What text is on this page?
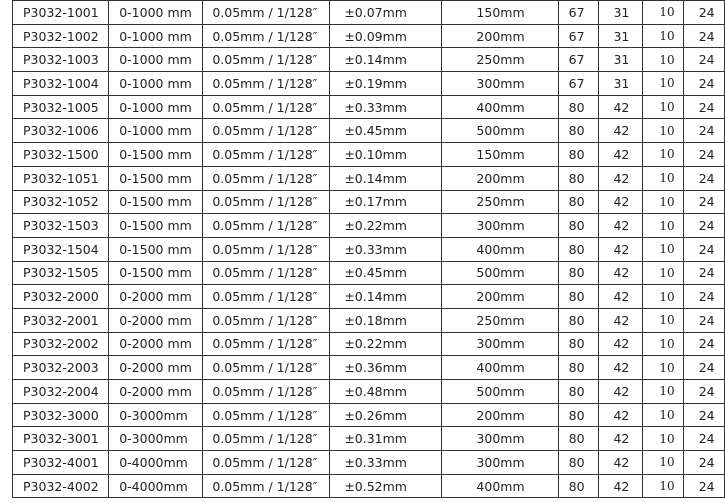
P3032-1001	0-1000 mm	0.05mm / 1/128″	±0.07mm	150mm	67	31	10	24
P3032-1002	0-1000 mm	0.05mm / 1/128″	±0.09mm	200mm	67	31	10	24
P3032-1003	0-1000 mm	0.05mm / 1/128″	±0.14mm	250mm	67	31	10	24
P3032-1004	0-1000 mm	0.05mm / 1/128″	±0.19mm	300mm	67	31	10	24
P3032-1005	0-1000 mm	0.05mm / 1/128″	±0.33mm	400mm	80	42	10	24
P3032-1006	0-1000 mm	0.05mm / 1/128″	±0.45mm	500mm	80	42	10	24
P3032-1500	0-1500 mm	0.05mm / 1/128″	±0.10mm	150mm	80	42	10	24
P3032-1051	0-1500 mm	0.05mm / 1/128″	±0.14mm	200mm	80	42	10	24
P3032-1052	0-1500 mm	0.05mm / 1/128″	±0.17mm	250mm	80	42	10	24
P3032-1503	0-1500 mm	0.05mm / 1/128″	±0.22mm	300mm	80	42	10	24
P3032-1504	0-1500 mm	0.05mm / 1/128″	±0.33mm	400mm	80	42	10	24
P3032-1505	0-1500 mm	0.05mm / 1/128″	±0.45mm	500mm	80	42	10	24
P3032-2000	0-2000 mm	0.05mm / 1/128″	±0.14mm	200mm	80	42	10	24
P3032-2001	0-2000 mm	0.05mm / 1/128″	±0.18mm	250mm	80	42	10	24
P3032-2002	0-2000 mm	0.05mm / 1/128″	±0.22mm	300mm	80	42	10	24
P3032-2003	0-2000 mm	0.05mm / 1/128″	±0.36mm	400mm	80	42	10	24
P3032-2004	0-2000 mm	0.05mm / 1/128″	±0.48mm	500mm	80	42	10	24
P3032-3000	0-3000mm	0.05mm / 1/128″	±0.26mm	200mm	80	42	10	24
P3032-3001	0-3000mm	0.05mm / 1/128″	±0.31mm	300mm	80	42	10	24
P3032-4001	0-4000mm	0.05mm / 1/128″	±0.33mm	300mm	80	42	10	24
P3032-4002	0-4000mm	0.05mm / 1/128″	±0.52mm	400mm	80	42	10	24
